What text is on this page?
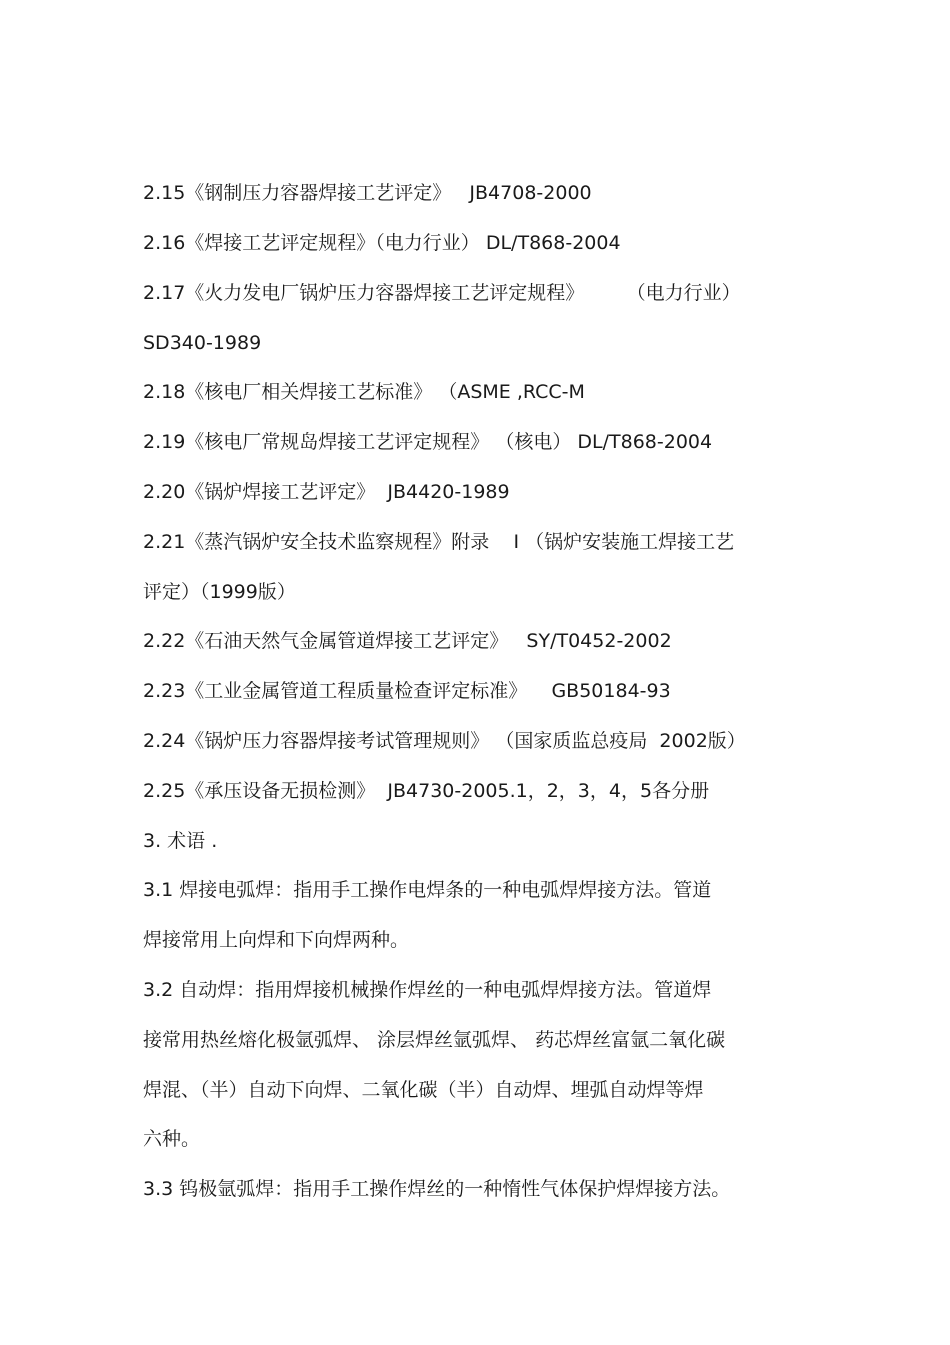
2.15《钢制压力容器焊接工艺评定》   JB4708-2000
2.16《焊接工艺评定规程》（电力行业） DL/T868-2004
2.17《火力发电厂锅炉压力容器焊接工艺评定规程》       （电力行业）
SD340-1989
2.18《核电厂相关焊接工艺标准》 （ASME ,RCC-M
2.19《核电厂常规岛焊接工艺评定规程》 （核电） DL/T868-2004
2.20《锅炉焊接工艺评定》  JB4420-1989
2.21《蒸汽锅炉安全技术监察规程》附录    I （锅炉安装施工焊接工艺
评定）（1999版）
2.22《石油天然气金属管道焊接工艺评定》   SY/T0452-2002
2.23《工业金属管道工程质量检查评定标准》    GB50184-93
2.24《锅炉压力容器焊接考试管理规则》 （国家质监总疫局  2002版）
2.25《承压设备无损检测》  JB4730-2005.1，2，3，4，5各分册
3. 术语 .
3.1 焊接电弧焊：指用手工操作电焊条的一种电弧焊焊接方法。管道
焊接常用上向焊和下向焊两种。
3.2 自动焊：指用焊接机械操作焊丝的一种电弧焊焊接方法。管道焊
接常用热丝熔化极氩弧焊、 涂层焊丝氩弧焊、 药芯焊丝富氩二氧化碳
焊混、（半）自动下向焊、二氧化碳（半）自动焊、埋弧自动焊等焊
六种。
3.3 钨极氩弧焊：指用手工操作焊丝的一种惰性气体保护焊焊接方法。
